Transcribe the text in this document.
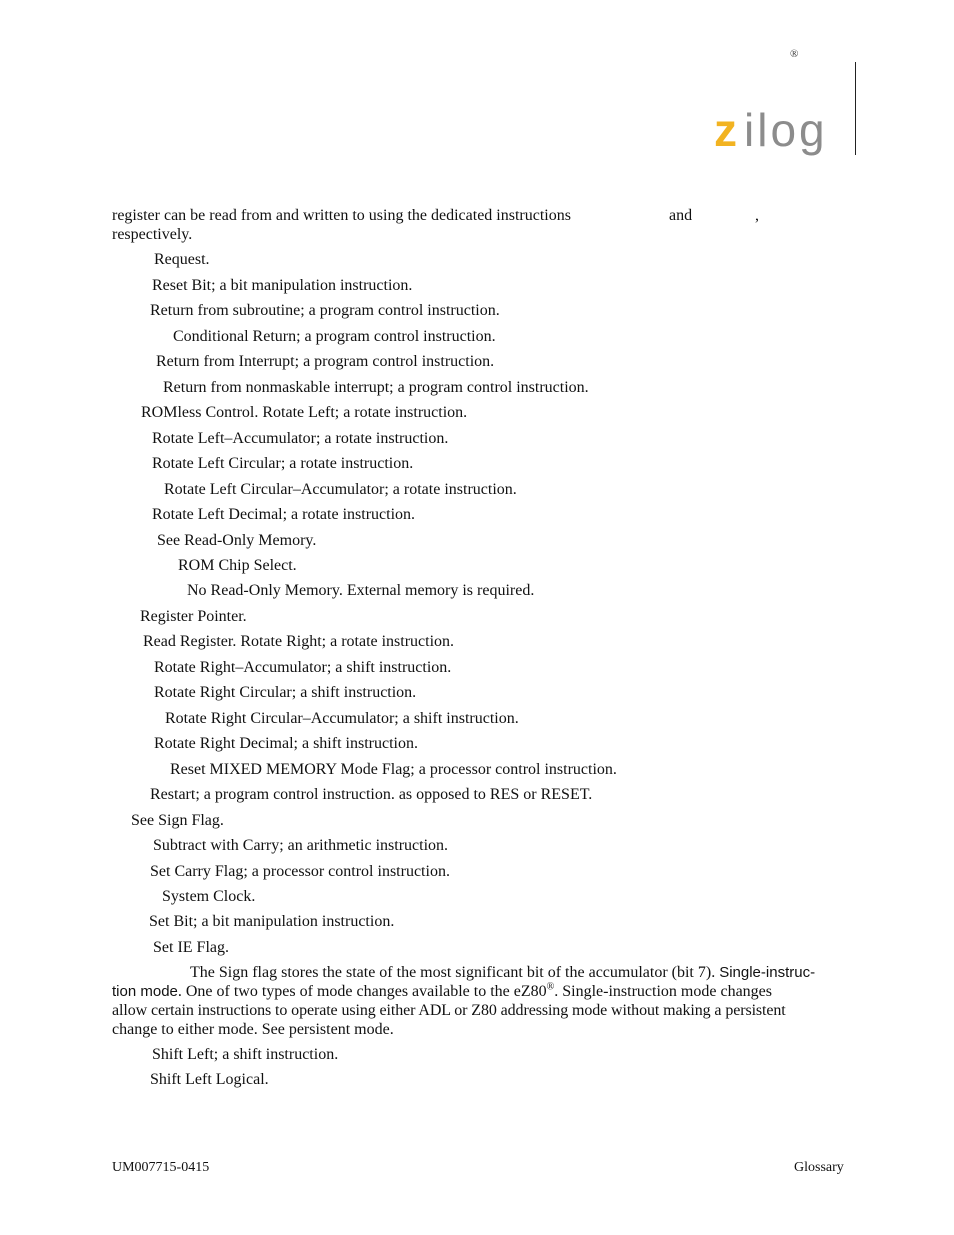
®
z ilog
register can be read from and written to using the dedicated instructions	and	,
respectively.
Request.
Reset Bit; a bit manipulation instruction.
Return from subroutine; a program control instruction.
Conditional Return; a program control instruction.
Return from Interrupt; a program control instruction.
Return from nonmaskable interrupt; a program control instruction.
ROMless Control. Rotate Left; a rotate instruction.
Rotate Left–Accumulator; a rotate instruction.
Rotate Left Circular; a rotate instruction.
Rotate Left Circular–Accumulator; a rotate instruction.
Rotate Left Decimal; a rotate instruction.
See Read-Only Memory.
ROM Chip Select.
No Read-Only Memory. External memory is required.
Register Pointer.
Read Register. Rotate Right; a rotate instruction.
Rotate Right–Accumulator; a shift instruction.
Rotate Right Circular; a shift instruction.
Rotate Right Circular–Accumulator; a shift instruction.
Rotate Right Decimal; a shift instruction.
Reset MIXED MEMORY Mode Flag; a processor control instruction.
Restart; a program control instruction. as opposed to RES or RESET.
See Sign Flag.
Subtract with Carry; an arithmetic instruction.
Set Carry Flag; a processor control instruction.
System Clock.
Set Bit; a bit manipulation instruction.
Set IE Flag.
The Sign flag stores the state of the most significant bit of the accumulator (bit 7). Single-instruc-
tion mode. One of two types of mode changes available to the eZ80®. Single-instruction mode changes
allow certain instructions to operate using either ADL or Z80 addressing mode without making a persistent
change to either mode. See persistent mode.
Shift Left; a shift instruction.
Shift Left Logical.
UM007715-0415	Glossary
